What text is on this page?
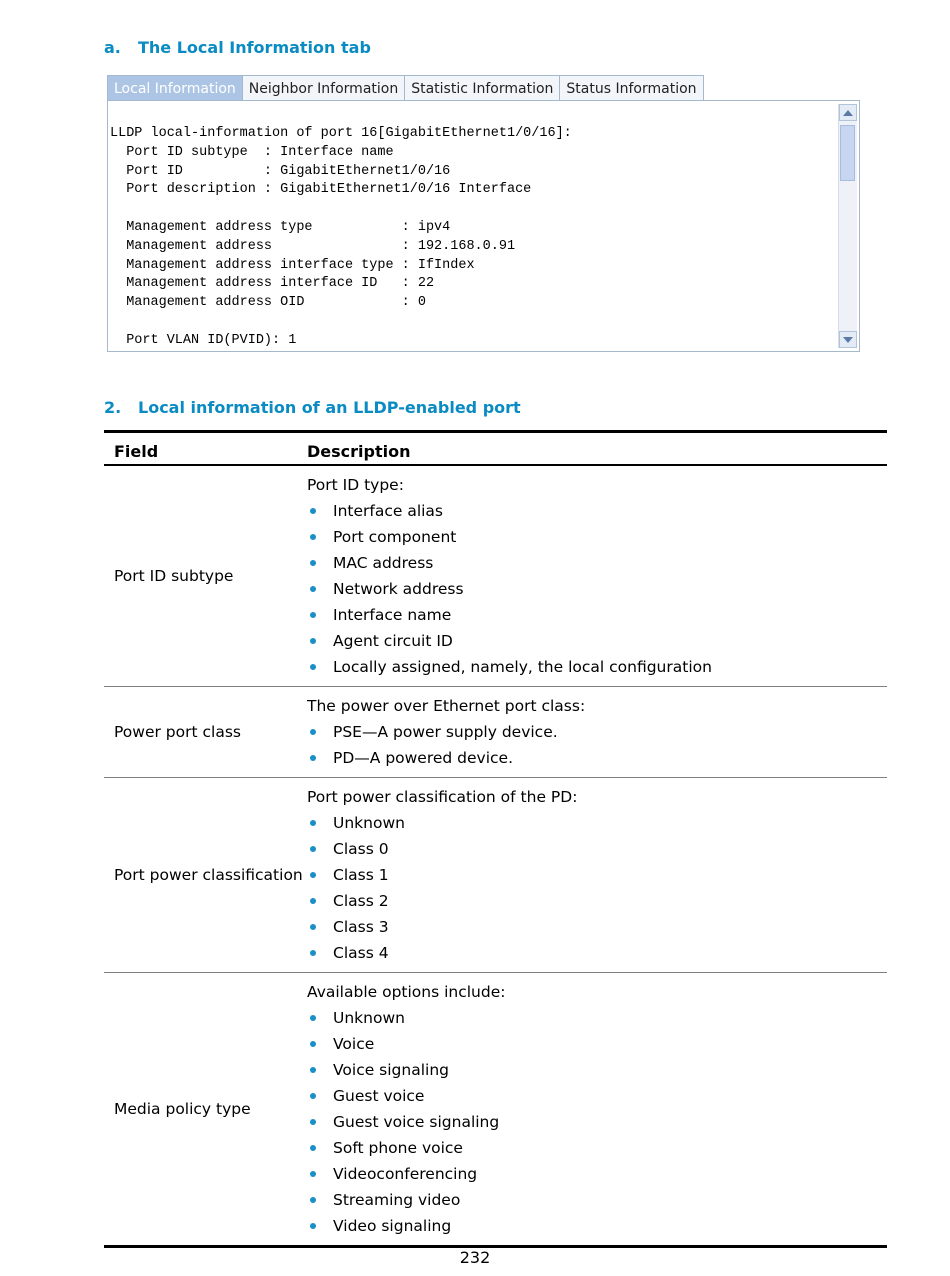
a. The Local Information tab
Local Information Neighbor Information Statistic Information Status Information
LLDP local-information of port 16[GigabitEthernet1/0/16]:
Port ID subtype  : Interface name
Port ID          : GigabitEthernet1/0/16
Port description : GigabitEthernet1/0/16 Interface

Management address type           : ipv4
Management address                : 192.168.0.91
Management address interface type : IfIndex
Management address interface ID   : 22
Management address OID            : 0

Port VLAN ID(PVID): 1

2. Local information of an LLDP-enabled port
Field	Description
Port ID subtype
Port ID type:
Interface alias
Port component
MAC address
Network address
Interface name
Agent circuit ID
Locally assigned, namely, the local configuration
Power port class
The power over Ethernet port class:
PSE—A power supply device.
PD—A powered device.
Port power classification
Port power classification of the PD:
Unknown
Class 0
Class 1
Class 2
Class 3
Class 4
Media policy type
Available options include:
Unknown
Voice
Voice signaling
Guest voice
Guest voice signaling
Soft phone voice
Videoconferencing
Streaming video
Video signaling
232
